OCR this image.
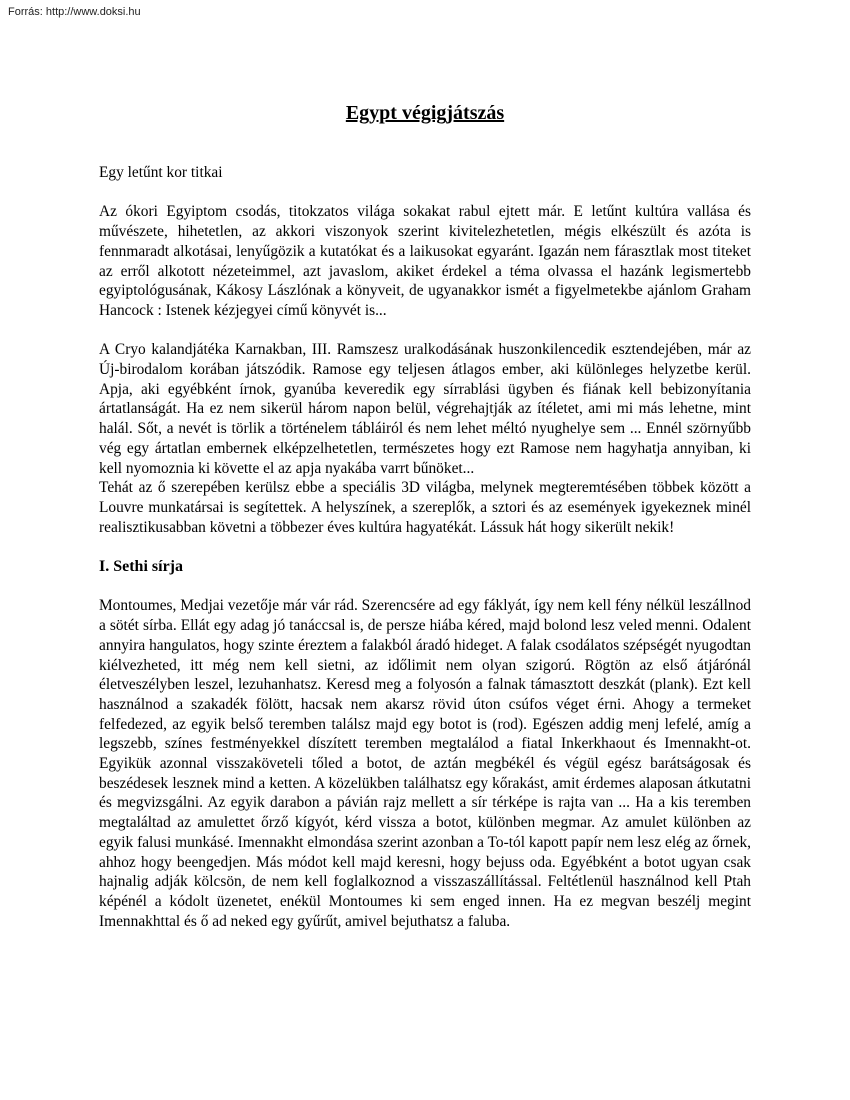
Forrás: http://www.doksi.hu

Egypt végigjátszás

Egy letűnt kor titkai

Az ókori Egyiptom csodás, titokzatos világa sokakat rabul ejtett már. E letűnt kultúra vallása és művészete, hihetetlen, az akkori viszonyok szerint kivitelezhetetlen, mégis elkészült és azóta is fennmaradt alkotásai, lenyűgözik a kutatókat és a laikusokat egyaránt. Igazán nem fárasztlak most titeket az erről alkotott nézeteimmel, azt javaslom, akiket érdekel a téma olvassa el hazánk legismertebb egyiptológusának, Kákosy Lászlónak a könyveit, de ugyanakkor ismét a figyelmetekbe ajánlom Graham Hancock : Istenek kézjegyei című könyvét is...

A Cryo kalandjátéka Karnakban, III. Ramszesz uralkodásának huszonkilencedik esztendejében, már az Új-birodalom korában játszódik. Ramose egy teljesen átlagos ember, aki különleges helyzetbe kerül. Apja, aki egyébként írnok, gyanúba keveredik egy sírrablási ügyben és fiának kell bebizonyítania ártatlanságát. Ha ez nem sikerül három napon belül, végrehajtják az ítéletet, ami mi más lehetne, mint halál. Sőt, a nevét is törlik a történelem tábláiról és nem lehet méltó nyughelye sem ... Ennél szörnyűbb vég egy ártatlan embernek elképzelhetetlen, természetes hogy ezt Ramose nem hagyhatja annyiban, ki kell nyomoznia ki követte el az apja nyakába varrt bűnöket...

Tehát az ő szerepében kerülsz ebbe a speciális 3D világba, melynek megteremtésében többek között a Louvre munkatársai is segítettek. A helyszínek, a szereplők, a sztori és az események igyekeznek minél realisztikusabban követni a többezer éves kultúra hagyatékát. Lássuk hát hogy sikerült nekik!

I. Sethi sírja

Montoumes, Medjai vezetője már vár rád. Szerencsére ad egy fáklyát, így nem kell fény nélkül leszállnod a sötét sírba. Ellát egy adag jó tanáccsal is, de persze hiába kéred, majd bolond lesz veled menni. Odalent annyira hangulatos, hogy szinte éreztem a falakból áradó hideget. A falak csodálatos szépségét nyugodtan kiélvezheted, itt még nem kell sietni, az időlimit nem olyan szigorú. Rögtön az első átjárónál életveszélyben leszel, lezuhanhatsz. Keresd meg a folyosón a falnak támasztott deszkát (plank). Ezt kell használnod a szakadék fölött, hacsak nem akarsz rövid úton csúfos véget érni. Ahogy a termeket felfedezed, az egyik belső teremben találsz majd egy botot is (rod). Egészen addig menj lefelé, amíg a legszebb, színes festményekkel díszített teremben megtalálod a fiatal Inkerkhaout és Imennakht-ot. Egyikük azonnal visszaköveteli tőled a botot, de aztán megbékél és végül egész barátságosak és beszédesek lesznek mind a ketten. A közelükben találhatsz egy kőrakást, amit érdemes alaposan átkutatni és megvizsgálni. Az egyik darabon a pávián rajz mellett a sír térképe is rajta van ... Ha a kis teremben megtaláltad az amulettet őrző kígyót, kérd vissza a botot, különben megmar. Az amulet különben az egyik falusi munkásé. Imennakht elmondása szerint azonban a To-tól kapott papír nem lesz elég az őrnek, ahhoz hogy beengedjen. Más módot kell majd keresni, hogy bejuss oda. Egyébként a botot ugyan csak hajnalig adják kölcsön, de nem kell foglalkoznod a visszaszállítással. Feltétlenül használnod kell Ptah képénél a kódolt üzenetet, enékül Montoumes ki sem enged innen. Ha ez megvan beszélj megint Imennakhttal és ő ad neked egy gyűrűt, amivel bejuthatsz a faluba.
